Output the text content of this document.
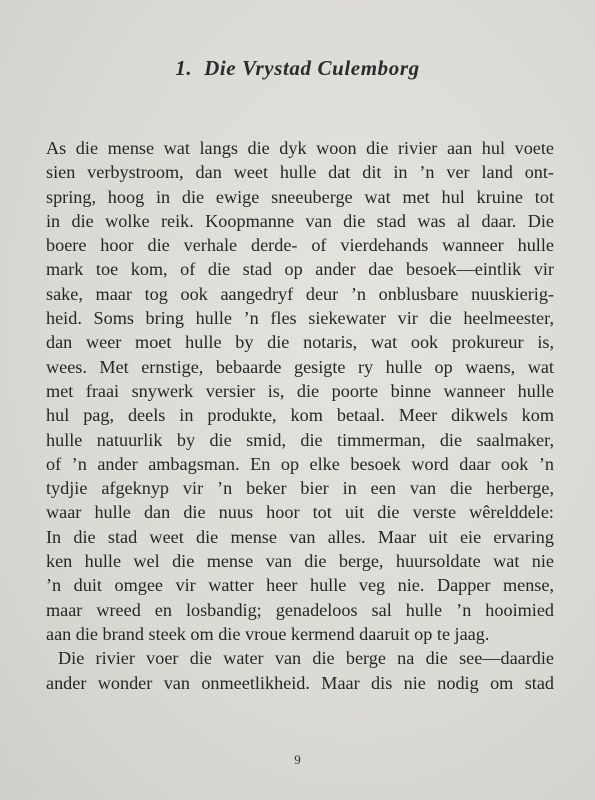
1. Die Vrystad Culemborg
As die mense wat langs die dyk woon die rivier aan hul voete
sien verbystroom, dan weet hulle dat dit in ’n ver land ont-
spring, hoog in die ewige sneeuberge wat met hul kruine tot
in die wolke reik. Koopmanne van die stad was al daar. Die
boere hoor die verhale derde- of vierdehands wanneer hulle
mark toe kom, of die stad op ander dae besoek—eintlik vir
sake, maar tog ook aangedryf deur ’n onblusbare nuuskierig-
heid. Soms bring hulle ’n fles siekewater vir die heelmeester,
dan weer moet hulle by die notaris, wat ook prokureur is,
wees. Met ernstige, bebaarde gesigte ry hulle op waens, wat
met fraai snywerk versier is, die poorte binne wanneer hulle
hul pag, deels in produkte, kom betaal. Meer dikwels kom
hulle natuurlik by die smid, die timmerman, die saalmaker,
of ’n ander ambagsman. En op elke besoek word daar ook ’n
tydjie afgeknyp vir ’n beker bier in een van die herberge,
waar hulle dan die nuus hoor tot uit die verste wêrelddele:
In die stad weet die mense van alles. Maar uit eie ervaring
ken hulle wel die mense van die berge, huursoldate wat nie
’n duit omgee vir watter heer hulle veg nie. Dapper mense,
maar wreed en losbandig; genadeloos sal hulle ’n hooimied
aan die brand steek om die vroue kermend daaruit op te jaag.
Die rivier voer die water van die berge na die see—daardie
ander wonder van onmeetlikheid. Maar dis nie nodig om stad
9
